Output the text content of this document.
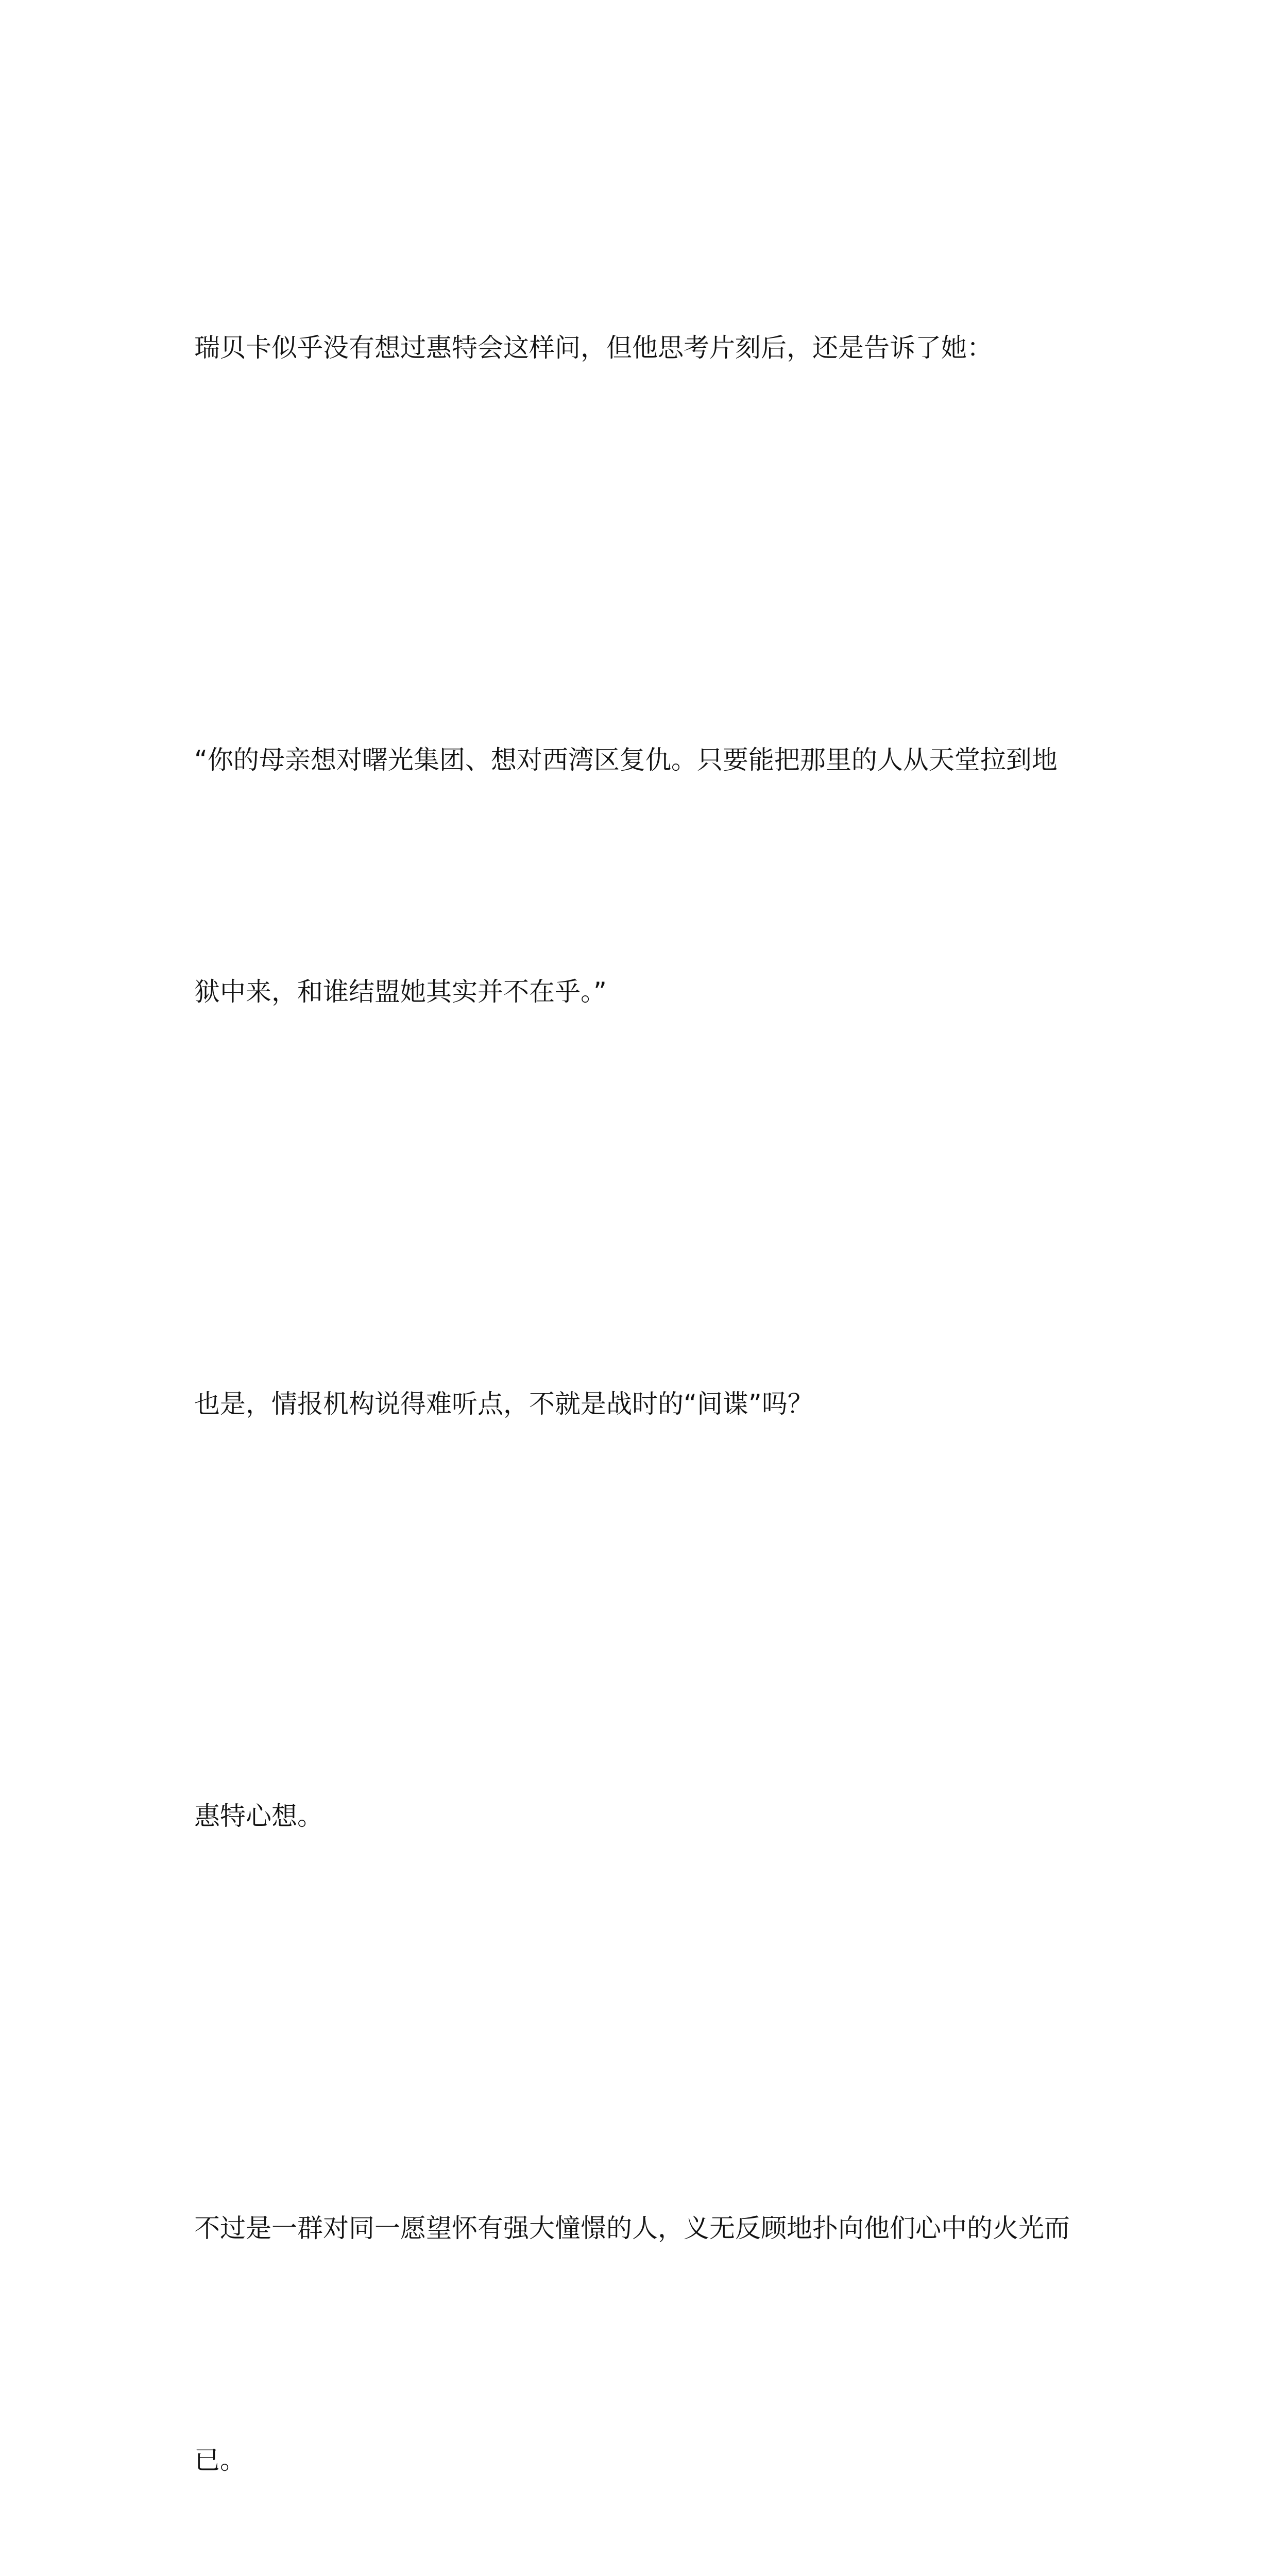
瑞贝卡似乎没有想过惠特会这样问，但他思考片刻后，还是告诉了她：

“你的母亲想对曙光集团、想对西湾区复仇。只要能把那里的人从天堂拉到地

狱中来，和谁结盟她其实并不在乎。”

也是，情报机构说得难听点，不就是战时的“间谍”吗？

惠特心想。

不过是一群对同一愿望怀有强大憧憬的人，义无反顾地扑向他们心中的火光而

已。
